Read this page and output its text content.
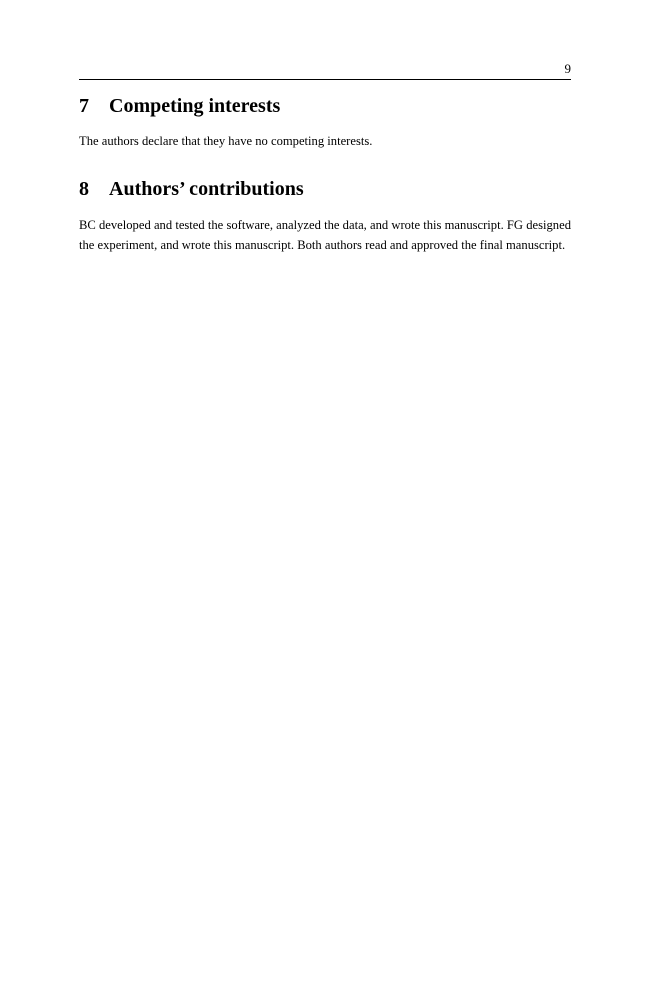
9
7 Competing interests

The authors declare that they have no competing interests.

8 Authors’ contributions

BC developed and tested the software, analyzed the data, and wrote this manuscript. FG designed the experiment, and wrote this manuscript. Both authors read and approved the final manuscript.
